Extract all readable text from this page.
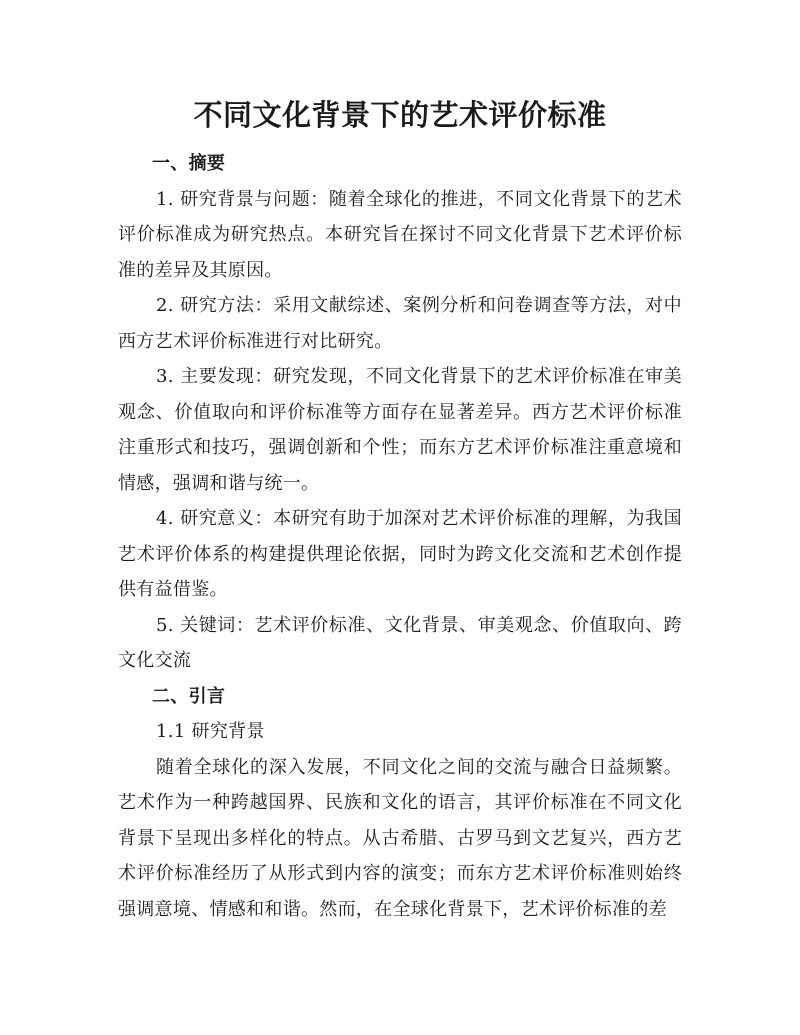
不同文化背景下的艺术评价标准

一、摘要

1. 研究背景与问题：随着全球化的推进，不同文化背景下的艺术评价标准成为研究热点。本研究旨在探讨不同文化背景下艺术评价标准的差异及其原因。

2. 研究方法：采用文献综述、案例分析和问卷调查等方法，对中西方艺术评价标准进行对比研究。

3. 主要发现：研究发现，不同文化背景下的艺术评价标准在审美观念、价值取向和评价标准等方面存在显著差异。西方艺术评价标准注重形式和技巧，强调创新和个性；而东方艺术评价标准注重意境和情感，强调和谐与统一。

4. 研究意义：本研究有助于加深对艺术评价标准的理解，为我国艺术评价体系的构建提供理论依据，同时为跨文化交流和艺术创作提供有益借鉴。

5. 关键词：艺术评价标准、文化背景、审美观念、价值取向、跨文化交流

二、引言

1.1 研究背景

随着全球化的深入发展，不同文化之间的交流与融合日益频繁。艺术作为一种跨越国界、民族和文化的语言，其评价标准在不同文化背景下呈现出多样化的特点。从古希腊、古罗马到文艺复兴，西方艺术评价标准经历了从形式到内容的演变；而东方艺术评价标准则始终强调意境、情感和和谐。然而，在全球化背景下，艺术评价标准的差
